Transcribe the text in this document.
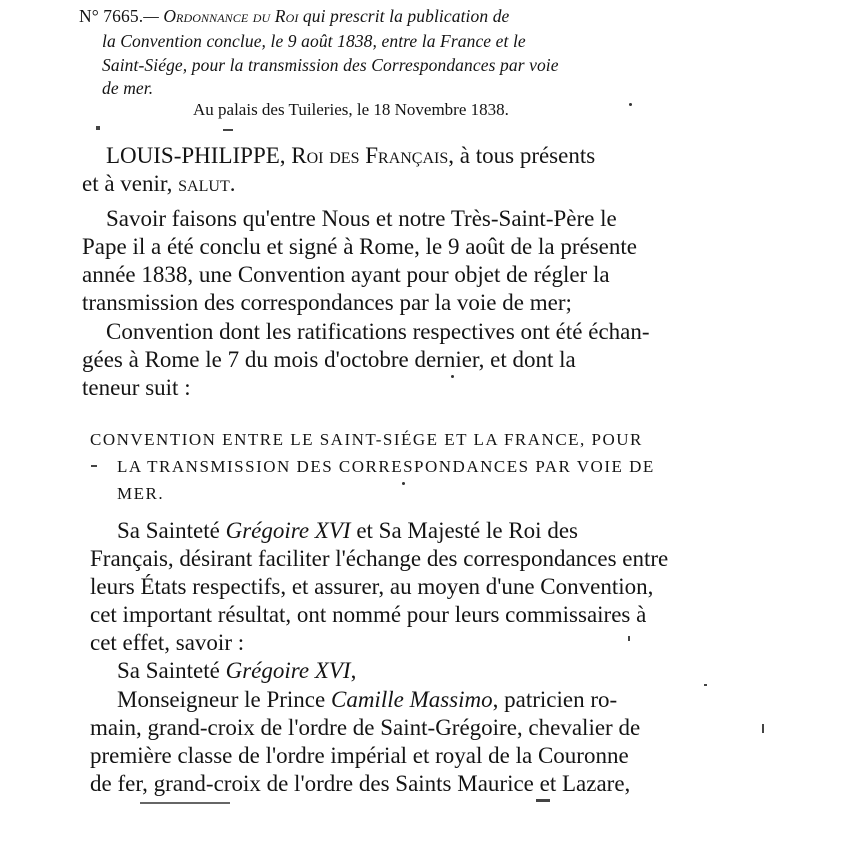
N° 7665.— Ordonnance du Roi qui prescrit la publication de
la Convention conclue, le 9 août 1838, entre la France et le
Saint-Siége, pour la transmission des Correspondances par voie
de mer.
Au palais des Tuileries, le 18 Novembre 1838.
LOUIS-PHILIPPE, Roi des Français, à tous présents
et à venir, salut.
Savoir faisons qu'entre Nous et notre Très-Saint-Père le
Pape il a été conclu et signé à Rome, le 9 août de la présente
année 1838, une Convention ayant pour objet de régler la
transmission des correspondances par la voie de mer;
Convention dont les ratifications respectives ont été échan-
gées à Rome le 7 du mois d'octobre dernier, et dont la
teneur suit :
CONVENTION ENTRE LE SAINT-SIÉGE ET LA FRANCE, POUR
LA TRANSMISSION DES CORRESPONDANCES PAR VOIE DE
MER.
Sa Sainteté Grégoire XVI et Sa Majesté le Roi des
Français, désirant faciliter l'échange des correspondances entre
leurs États respectifs, et assurer, au moyen d'une Convention,
cet important résultat, ont nommé pour leurs commissaires à
cet effet, savoir :
Sa Sainteté Grégoire XVI,
Monseigneur le Prince Camille Massimo, patricien ro-
main, grand-croix de l'ordre de Saint-Grégoire, chevalier de
première classe de l'ordre impérial et royal de la Couronne
de fer, grand-croix de l'ordre des Saints Maurice et Lazare,
